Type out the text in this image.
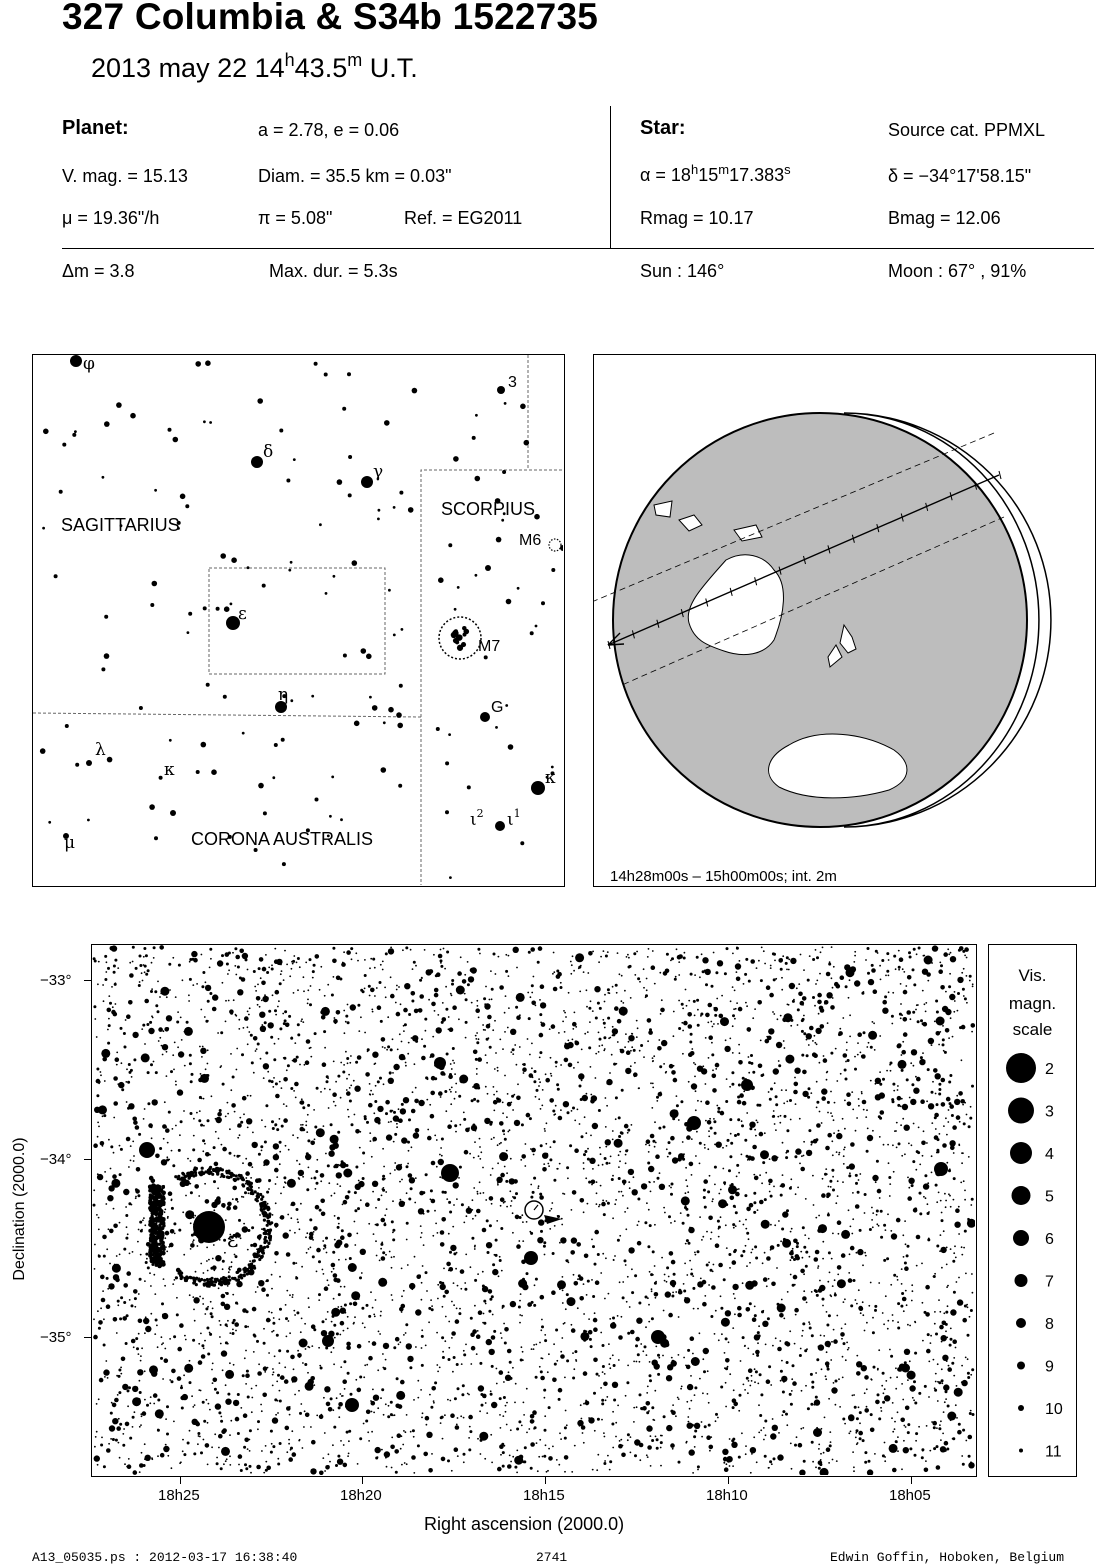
327 Columbia & S34b 1522735
2013 may 22 14$^h$43.5$^m$ U.T.
Planet:	a = 2.78, e = 0.06
V. mag. = 15.13	Diam. = 35.5 km = 0.03"
μ = 19.36"/h	π = 5.08"	Ref. = EG2011
Star:	Source cat. PPMXL
$\alpha = 18^h15^m17.383^s$	δ = −34°17'58.15"
Rmag = 10.17	Bmag = 12.06
Δm = 3.8	Max. dur. = 5.3s	Sun : 146°	Moon : 67° , 91%
SAGITTARIUS
SCORPIUS
CORONA AUSTRALIS
φ
δ
γ
3
ε
η
λ
κ
μ
M6
M7
G
κ
$\iota^2$ $\iota^1$
14h28m00s – 15h00m00s; int. 2m
ε
−33°
−34°
−35°
18h25	18h20	18h15	18h10	18h05
Right ascension (2000.0)
Declination (2000.0)
Vis.
magn.
scale
2
3
4
5
6
7
8
9
10
11
A13_05035.ps : 2012-03-17 16:38:40	2741	Edwin Goffin, Hoboken, Belgium
